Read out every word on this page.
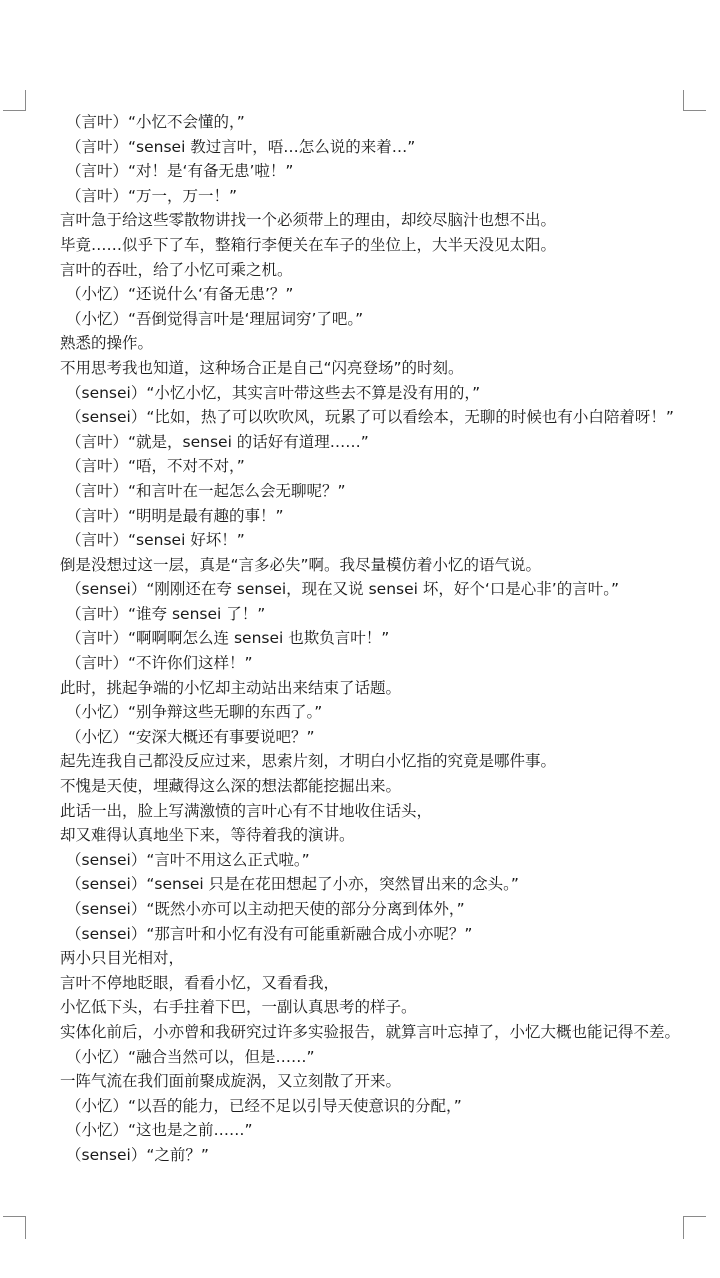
（言叶）“小忆不会懂的，”
（言叶）“sensei 教过言叶，唔…怎么说的来着…”
（言叶）“对！是‘有备无患’啦！”
（言叶）“万一，万一！”
言叶急于给这些零散物讲找一个必须带上的理由，却绞尽脑汁也想不出。
毕竟……似乎下了车，整箱行李便关在车子的坐位上，大半天没见太阳。
言叶的吞吐，给了小忆可乘之机。
（小忆）“还说什么‘有备无患’？”
（小忆）“吾倒觉得言叶是‘理屈词穷’了吧。”
熟悉的操作。
不用思考我也知道，这种场合正是自己“闪亮登场”的时刻。
（sensei）“小忆小忆，其实言叶带这些去不算是没有用的，”
（sensei）“比如，热了可以吹吹风，玩累了可以看绘本，无聊的时候也有小白陪着呀！”
（言叶）“就是，sensei 的话好有道理……”
（言叶）“唔，不对不对，”
（言叶）“和言叶在一起怎么会无聊呢？”
（言叶）“明明是最有趣的事！”
（言叶）“sensei 好坏！”
倒是没想过这一层，真是“言多必失”啊。我尽量模仿着小忆的语气说。
（sensei）“刚刚还在夸 sensei，现在又说 sensei 坏，好个‘口是心非’的言叶。”
（言叶）“谁夸 sensei 了！”
（言叶）“啊啊啊怎么连 sensei 也欺负言叶！”
（言叶）“不许你们这样！”
此时，挑起争端的小忆却主动站出来结束了话题。
（小忆）“别争辩这些无聊的东西了。”
（小忆）“安深大概还有事要说吧？”
起先连我自己都没反应过来，思索片刻，才明白小忆指的究竟是哪件事。
不愧是天使，埋藏得这么深的想法都能挖掘出来。
此话一出，脸上写满激愤的言叶心有不甘地收住话头，
却又难得认真地坐下来，等待着我的演讲。
（sensei）“言叶不用这么正式啦。”
（sensei）“sensei 只是在花田想起了小亦，突然冒出来的念头。”
（sensei）“既然小亦可以主动把天使的部分分离到体外，”
（sensei）“那言叶和小忆有没有可能重新融合成小亦呢？”
两小只目光相对，
言叶不停地眨眼，看看小忆，又看看我，
小忆低下头，右手拄着下巴，一副认真思考的样子。
实体化前后，小亦曾和我研究过许多实验报告，就算言叶忘掉了，小忆大概也能记得不差。
（小忆）“融合当然可以，但是……”
一阵气流在我们面前聚成旋涡，又立刻散了开来。
（小忆）“以吾的能力，已经不足以引导天使意识的分配，”
（小忆）“这也是之前……”
（sensei）“之前？”
